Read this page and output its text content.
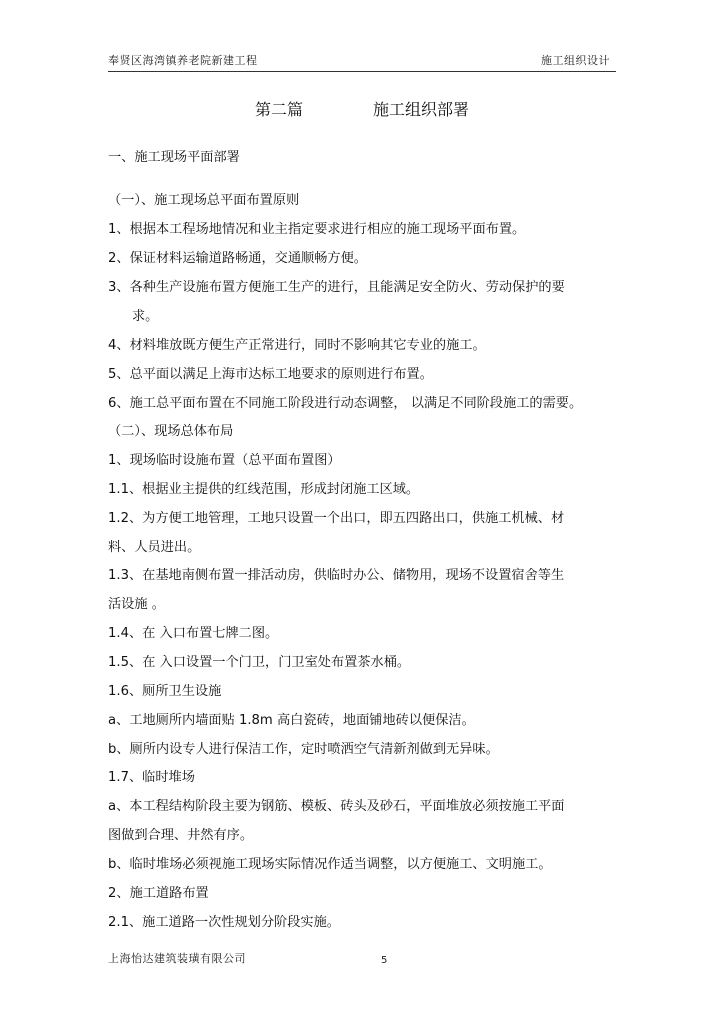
奉贤区海湾镇养老院新建工程	施工组织设计
第二篇	施工组织部署
一、施工现场平面部署
（一）、施工现场总平面布置原则
1、根据本工程场地情况和业主指定要求进行相应的施工现场平面布置。
2、保证材料运输道路畅通，交通顺畅方便。
3、各种生产设施布置方便施工生产的进行，且能满足安全防火、劳动保护的要
求。
4、材料堆放既方便生产正常进行，同时不影响其它专业的施工。
5、总平面以满足上海市达标工地要求的原则进行布置。
6、施工总平面布置在不同施工阶段进行动态调整， 以满足不同阶段施工的需要。
（二）、现场总体布局
1、现场临时设施布置（总平面布置图）
1.1、根据业主提供的红线范围，形成封闭施工区域。
1.2、为方便工地管理，工地只设置一个出口，即五四路出口，供施工机械、材
料、人员进出。
1.3、在基地南侧布置一排活动房，供临时办公、储物用，现场不设置宿舍等生
活设施 。
1.4、在 入口布置七牌二图。
1.5、在 入口设置一个门卫，门卫室处布置茶水桶。
1.6、厕所卫生设施
a、工地厕所内墙面贴 1.8m 高白瓷砖，地面铺地砖以便保洁。
b、厕所内设专人进行保洁工作，定时喷洒空气清新剂做到无异味。
1.7、临时堆场
a、本工程结构阶段主要为钢筋、模板、砖头及砂石，平面堆放必须按施工平面
图做到合理、井然有序。
b、临时堆场必须视施工现场实际情况作适当调整，以方便施工、文明施工。
2、施工道路布置
2.1、施工道路一次性规划分阶段实施。
上海怡达建筑装璜有限公司	5
